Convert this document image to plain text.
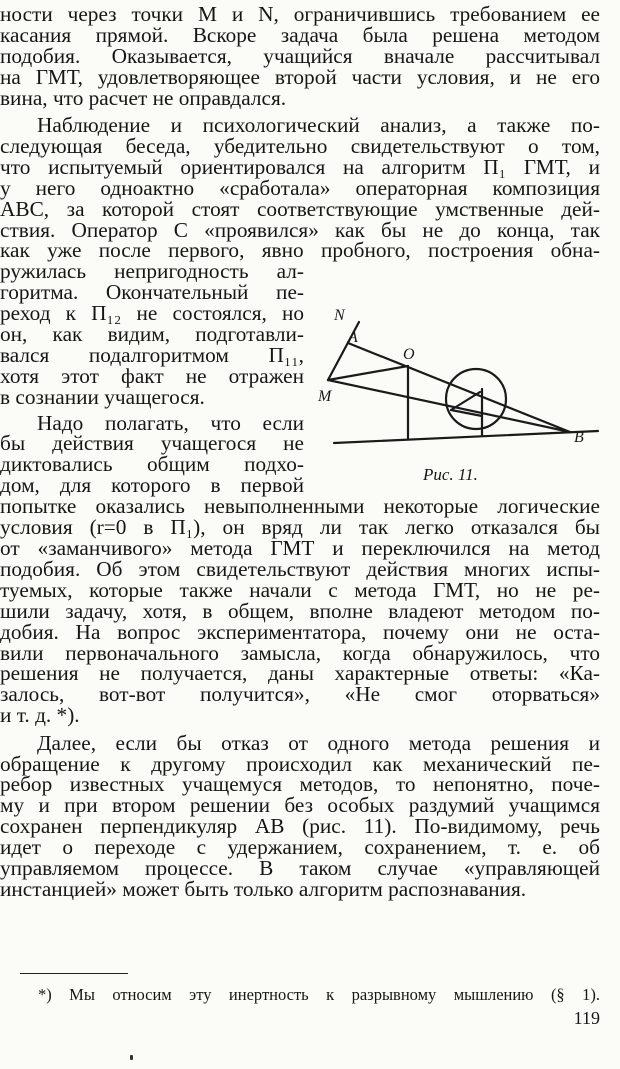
ности через точки M и N, ограничившись требованием ее
касания прямой. Вскоре задача была решена методом
подобия. Оказывается, учащийся вначале рассчитывал
на ГМТ, удовлетворяющее второй части условия, и не его
вина, что расчет не оправдался.
Наблюдение и психологический анализ, а также по-
следующая беседа, убедительно свидетельствуют о том,
что испытуемый ориентировался на алгоритм П₁ ГМТ, и
у него одноактно «сработала» операторная композиция
ABC, за которой стоят соответствующие умственные дей-
ствия. Оператор C «проявился» как бы не до конца, так
как уже после первого, явно пробного, построения обна-
ружилась непригодность ал-
горитма. Окончательный пе-
реход к П₁₂ не состоялся, но
он, как видим, подготавли-
вался подалгоритмом П₁₁,
хотя этот факт не отражен
в сознании учащегося.
Надо полагать, что если
бы действия учащегося не
диктовались общим подхо-
дом, для которого в первой
попытке оказались невыполненными некоторые логические
условия (r=0 в П₁), он вряд ли так легко отказался бы
от «заманчивого» метода ГМТ и переключился на метод
подобия. Об этом свидетельствуют действия многих испы-
туемых, которые также начали с метода ГМТ, но не ре-
шили задачу, хотя, в общем, вполне владеют методом по-
добия. На вопрос экспериментатора, почему они не оста-
вили первоначального замысла, когда обнаружилось, что
решения не получается, даны характерные ответы: «Ка-
залось, вот-вот получится», «Не смог оторваться»
и т. д. *).
Далее, если бы отказ от одного метода решения и
обращение к другому происходил как механический пе-
ребор известных учащемуся методов, то непонятно, поче-
му и при втором решении без особых раздумий учащимся
сохранен перпендикуляр AB (рис. 11). По-видимому, речь
идет о переходе с удержанием, сохранением, т. е. об
управляемом процессе. В таком случае «управляющей
инстанцией» может быть только алгоритм распознавания.
N
A
O
M
B
Рис. 11.
*) Мы относим эту инертность к разрывному мышлению (§ 1).
119
